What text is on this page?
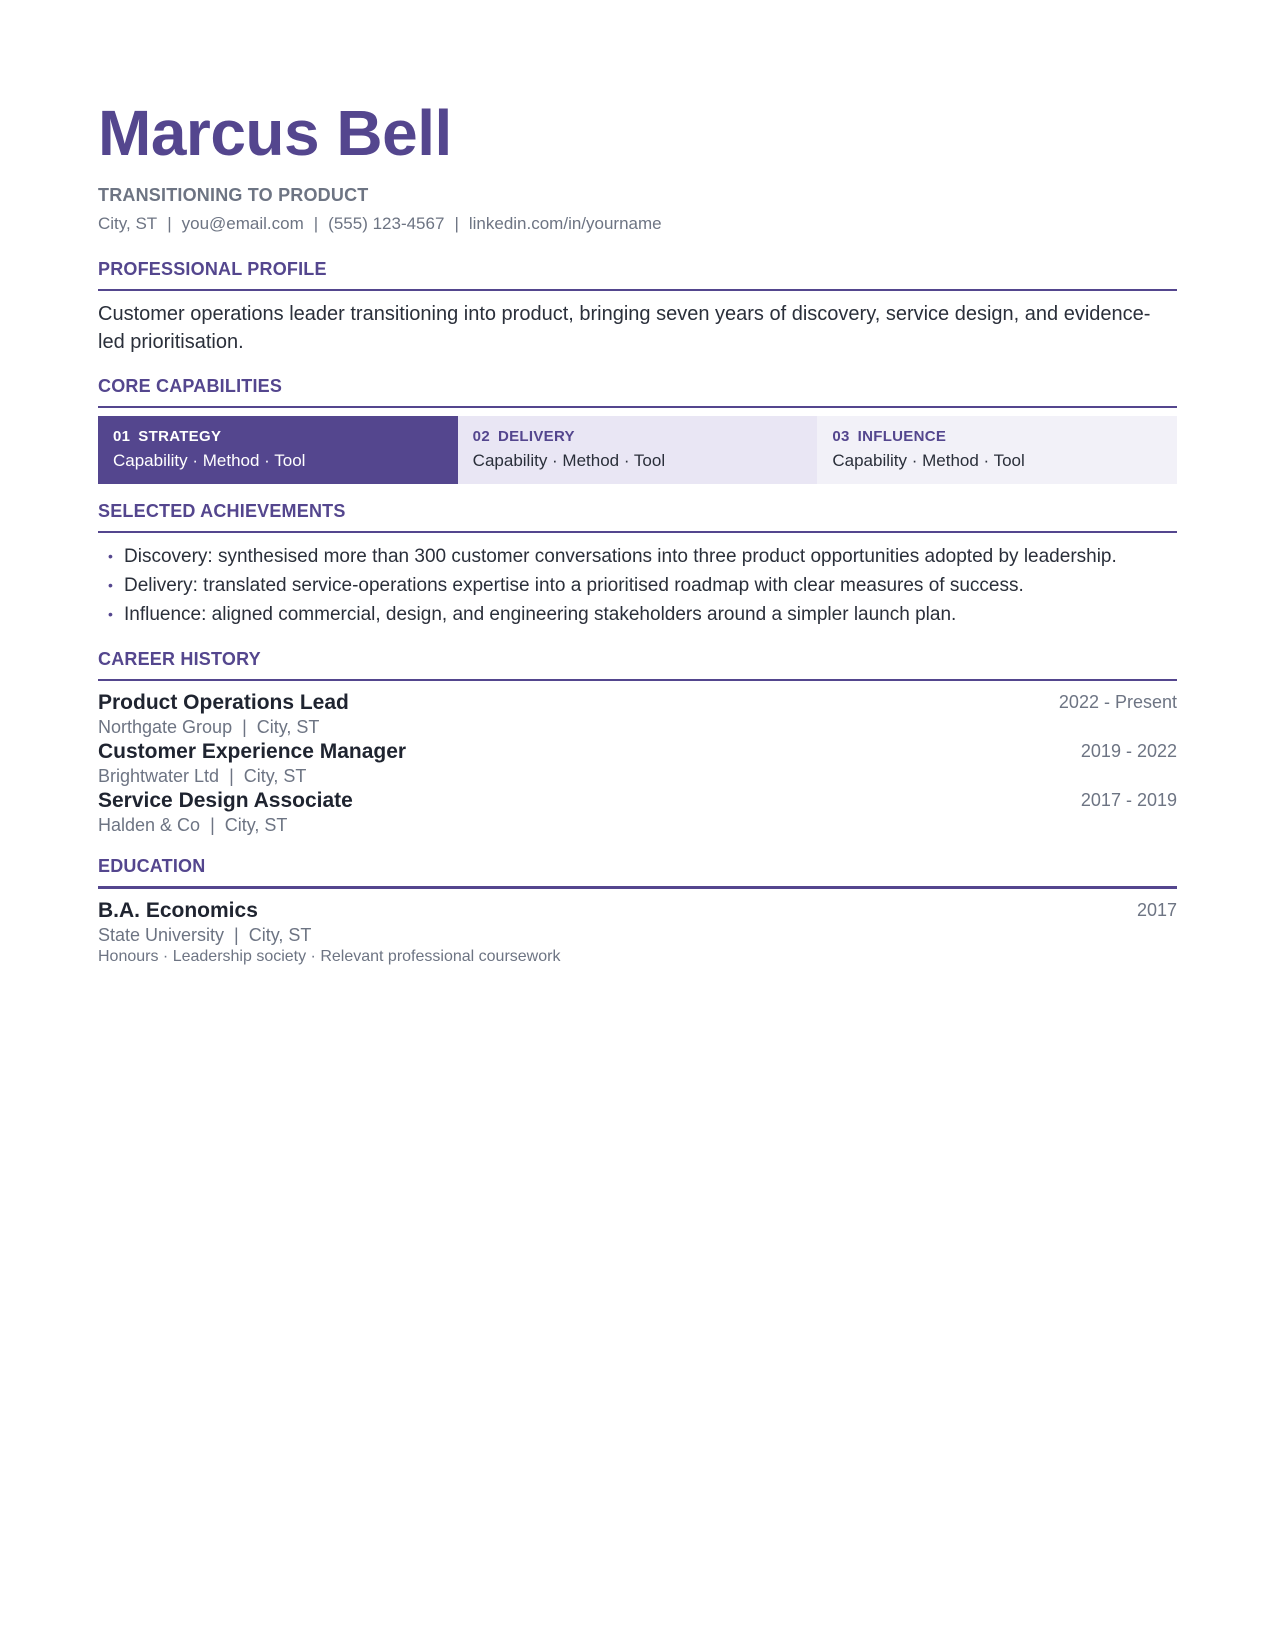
Marcus Bell
TRANSITIONING TO PRODUCT
City, ST | you@email.com | (555) 123-4567 | linkedin.com/in/yourname
PROFESSIONAL PROFILE
Customer operations leader transitioning into product, bringing seven years of discovery, service design, and evidence-led prioritisation.
CORE CAPABILITIES
01 STRATEGY
Capability · Method · Tool
02 DELIVERY
Capability · Method · Tool
03 INFLUENCE
Capability · Method · Tool
SELECTED ACHIEVEMENTS
• Discovery: synthesised more than 300 customer conversations into three product opportunities adopted by leadership.
• Delivery: translated service-operations expertise into a prioritised roadmap with clear measures of success.
• Influence: aligned commercial, design, and engineering stakeholders around a simpler launch plan.
CAREER HISTORY
Product Operations Lead
Northgate Group | City, ST
2022 - Present
Customer Experience Manager
Brightwater Ltd | City, ST
2019 - 2022
Service Design Associate
Halden & Co | City, ST
2017 - 2019
EDUCATION
B.A. Economics
State University | City, ST
Honours · Leadership society · Relevant professional coursework
2017
